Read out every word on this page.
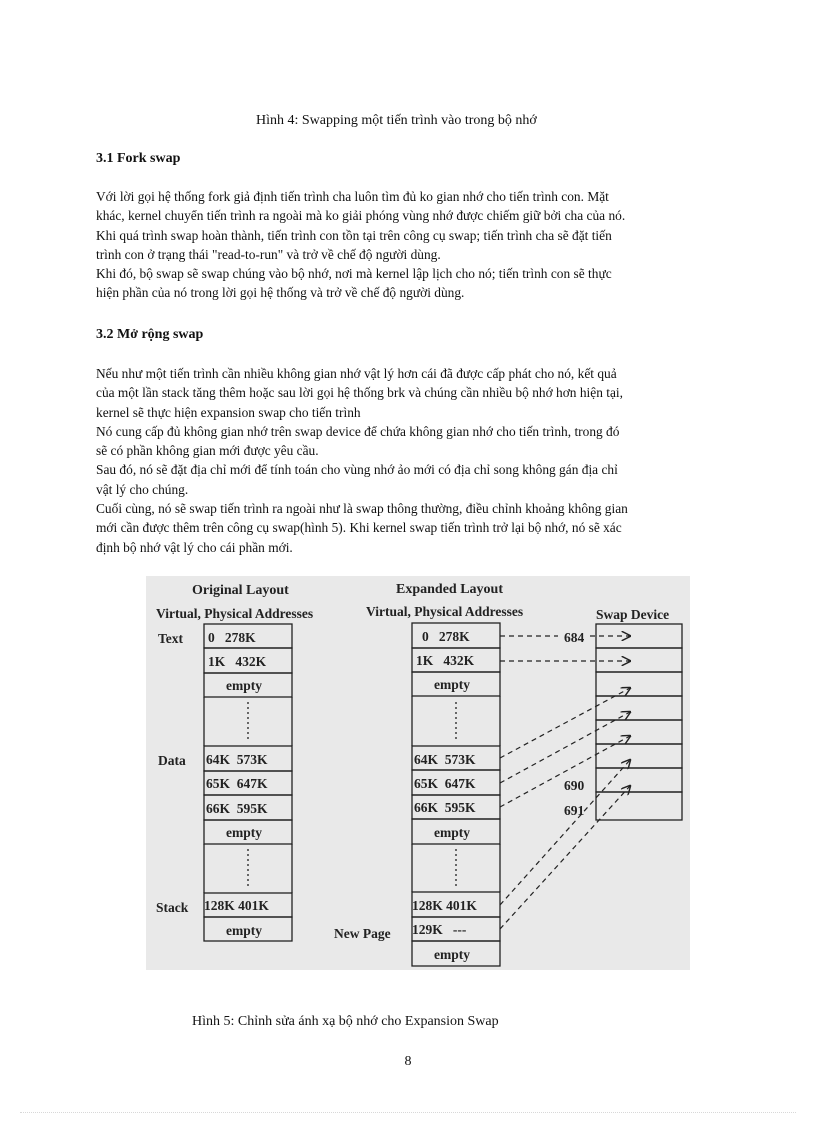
Hình 4: Swapping một tiến trình vào trong bộ nhớ
3.1 Fork swap
Với lời gọi hệ thống fork giả định tiến trình cha luôn tìm đủ ko gian nhớ cho tiến trình con. Mặt
khác, kernel chuyển tiến trình ra ngoài mà ko giải phóng vùng nhớ được chiếm giữ bởi cha của nó.
Khi quá trình swap hoàn thành, tiến trình con tồn tại trên công cụ swap; tiến trình cha sẽ đặt tiến
trình con ở trạng thái "read-to-run" và trở về chế độ người dùng.
Khi đó, bộ swap sẽ swap chúng vào bộ nhớ, nơi mà kernel lập lịch cho nó; tiến trình con sẽ thực
hiện phần của nó trong lời gọi hệ thống và trở về chế độ người dùng.
3.2 Mở rộng swap
Nếu như một tiến trình cần nhiều không gian nhớ vật lý hơn cái đã được cấp phát cho nó, kết quả
của một lần stack tăng thêm hoặc sau lời gọi hệ thống brk và chúng cần nhiều bộ nhớ hơn hiện tại,
kernel sẽ thực hiện expansion swap cho tiến trình
Nó cung cấp đủ không gian nhớ trên swap device để chứa không gian nhớ cho tiến trình, trong đó
sẽ có phần không gian mới được yêu cầu.
Sau đó, nó sẽ đặt địa chỉ mới để tính toán cho vùng nhớ ảo mới có địa chỉ song không gán địa chỉ
vật lý cho chúng.
Cuối cùng, nó sẽ swap tiến trình ra ngoài như là swap thông thường, điều chỉnh khoảng không gian
mới cần được thêm trên công cụ swap(hình 5). Khi kernel swap tiến trình trở lại bộ nhớ, nó sẽ xác
định bộ nhớ vật lý cho cái phần mới.
Original Layout
Virtual, Physical Addresses
Expanded Layout
Virtual, Physical Addresses	Swap Device
Text
Data
Stack
New Page
0   278K
1K   432K
empty
64K  573K
65K  647K
66K  595K
empty
128K 401K
empty
0   278K
1K   432K
empty
64K  573K
65K  647K
66K  595K
empty
128K 401K
129K   ---
empty
684
690
691
Hình 5: Chỉnh sửa ánh xạ bộ nhớ cho Expansion Swap
8
